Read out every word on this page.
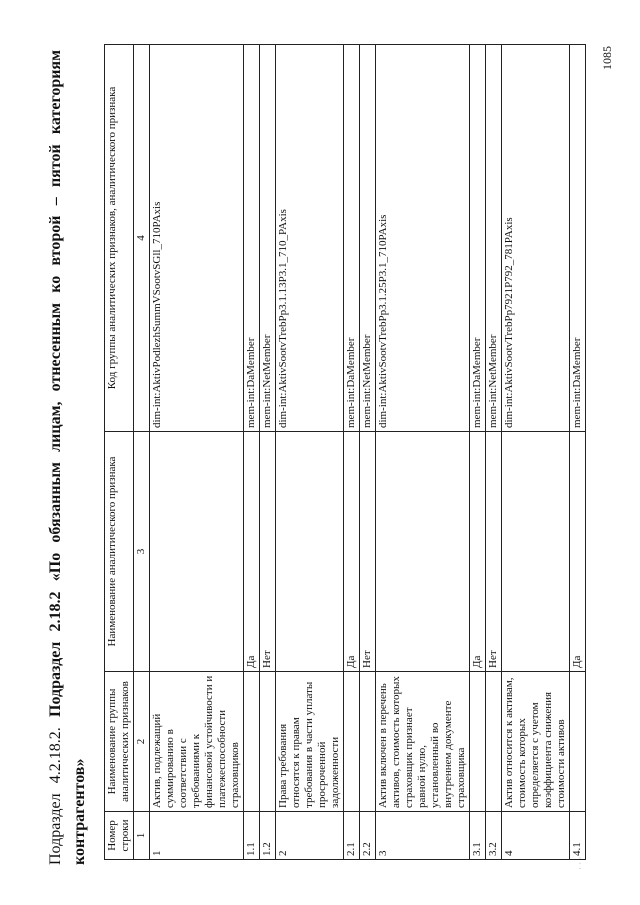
Подраздел 4.2.18.2. Подраздел 2.18.2 «По обязанным лицам, отнесенным ко второй – пятой категориям контрагентов»	Номер строки	Наименование группы аналитических признаков	Наименование аналитического признака	Код группы аналитических признаков, аналитического признака
1	2	3	4
1	Актив, подлежащий суммированию в соответствии с требованиями к финансовой устойчивости и платежеспособности страховщиков		dim-int:AktivPodlezhSummVSootvSGll_710PAxis
1.1		Да	mem-int:DaMember
1.2		Нет	mem-int:NetMember
2	Права требования относятся к правам требования в части уплаты просроченной задолженности		dim-int:AktivSootvTrebPp3.1.13P3.1_710_PAxis
2.1		Да	mem-int:DaMember
2.2		Нет	mem-int:NetMember
3	Актив включен в перечень активов, стоимость которых страховщик признает равной нулю, установленный во внутреннем документе страховщика		dim-int:AktivSootvTrebPp3.1.25P3.1_710PAxis
3.1		Да	mem-int:DaMember
3.2		Нет	mem-int:NetMember
4	Актив относится к активам, стоимость которых определяется с учетом коэффициента снижения стоимости активов		dim-int:AktivSootvTrebPp7921P792_781PAxis
4.1		Да	mem-int:DaMember
1085
· · ·
